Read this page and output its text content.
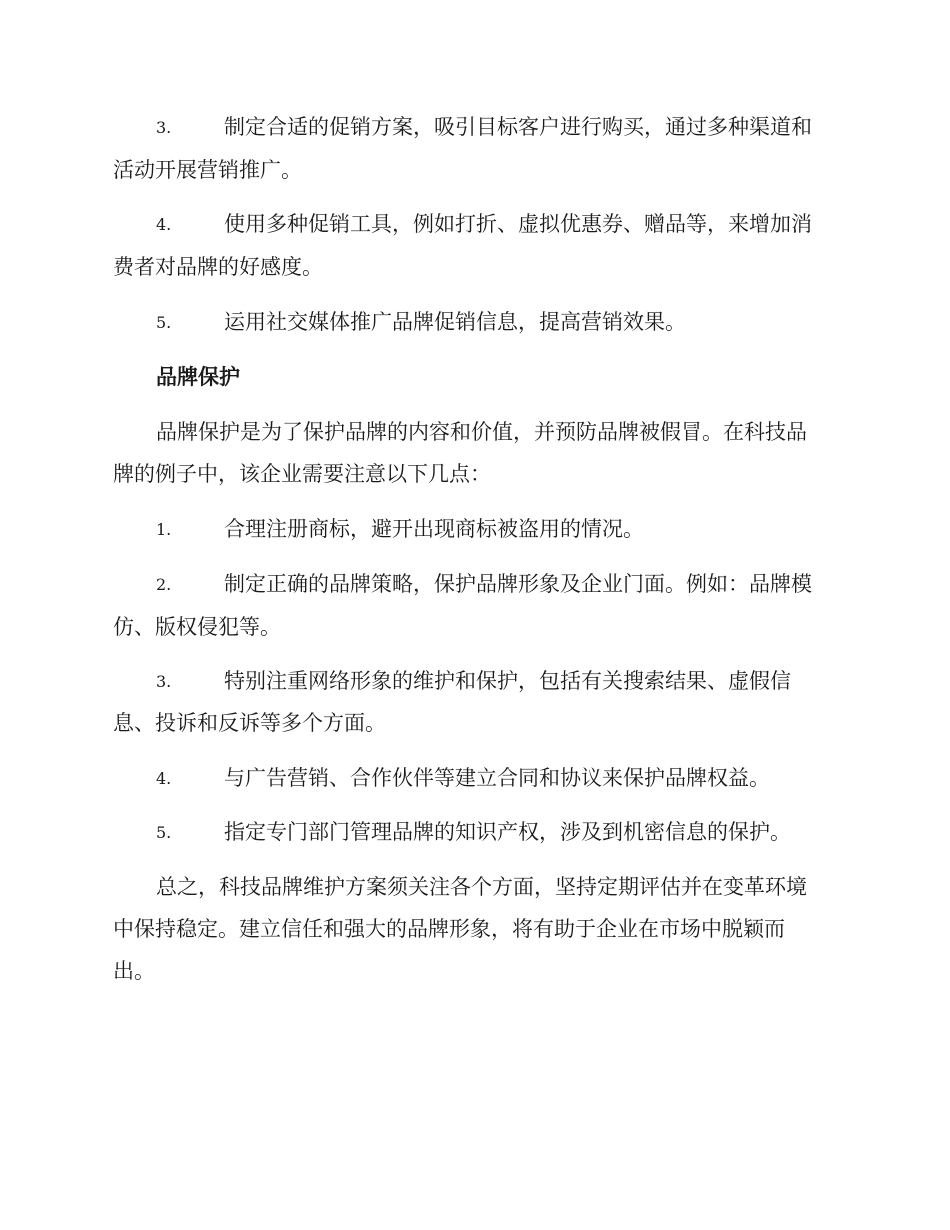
3.	制定合适的促销方案，吸引目标客户进行购买，通过多种渠道和
活动开展营销推广。
4.	使用多种促销工具，例如打折、虚拟优惠券、赠品等，来增加消
费者对品牌的好感度。
5.	运用社交媒体推广品牌促销信息，提高营销效果。
品牌保护
品牌保护是为了保护品牌的内容和价值，并预防品牌被假冒。在科技品
牌的例子中，该企业需要注意以下几点：
1.	合理注册商标，避开出现商标被盗用的情况。
2.	制定正确的品牌策略，保护品牌形象及企业门面。例如：品牌模
仿、版权侵犯等。
3.	特别注重网络形象的维护和保护，包括有关搜索结果、虚假信
息、投诉和反诉等多个方面。
4.	与广告营销、合作伙伴等建立合同和协议来保护品牌权益。
5.	指定专门部门管理品牌的知识产权，涉及到机密信息的保护。
总之，科技品牌维护方案须关注各个方面，坚持定期评估并在变革环境
中保持稳定。建立信任和强大的品牌形象，将有助于企业在市场中脱颖而
出。
